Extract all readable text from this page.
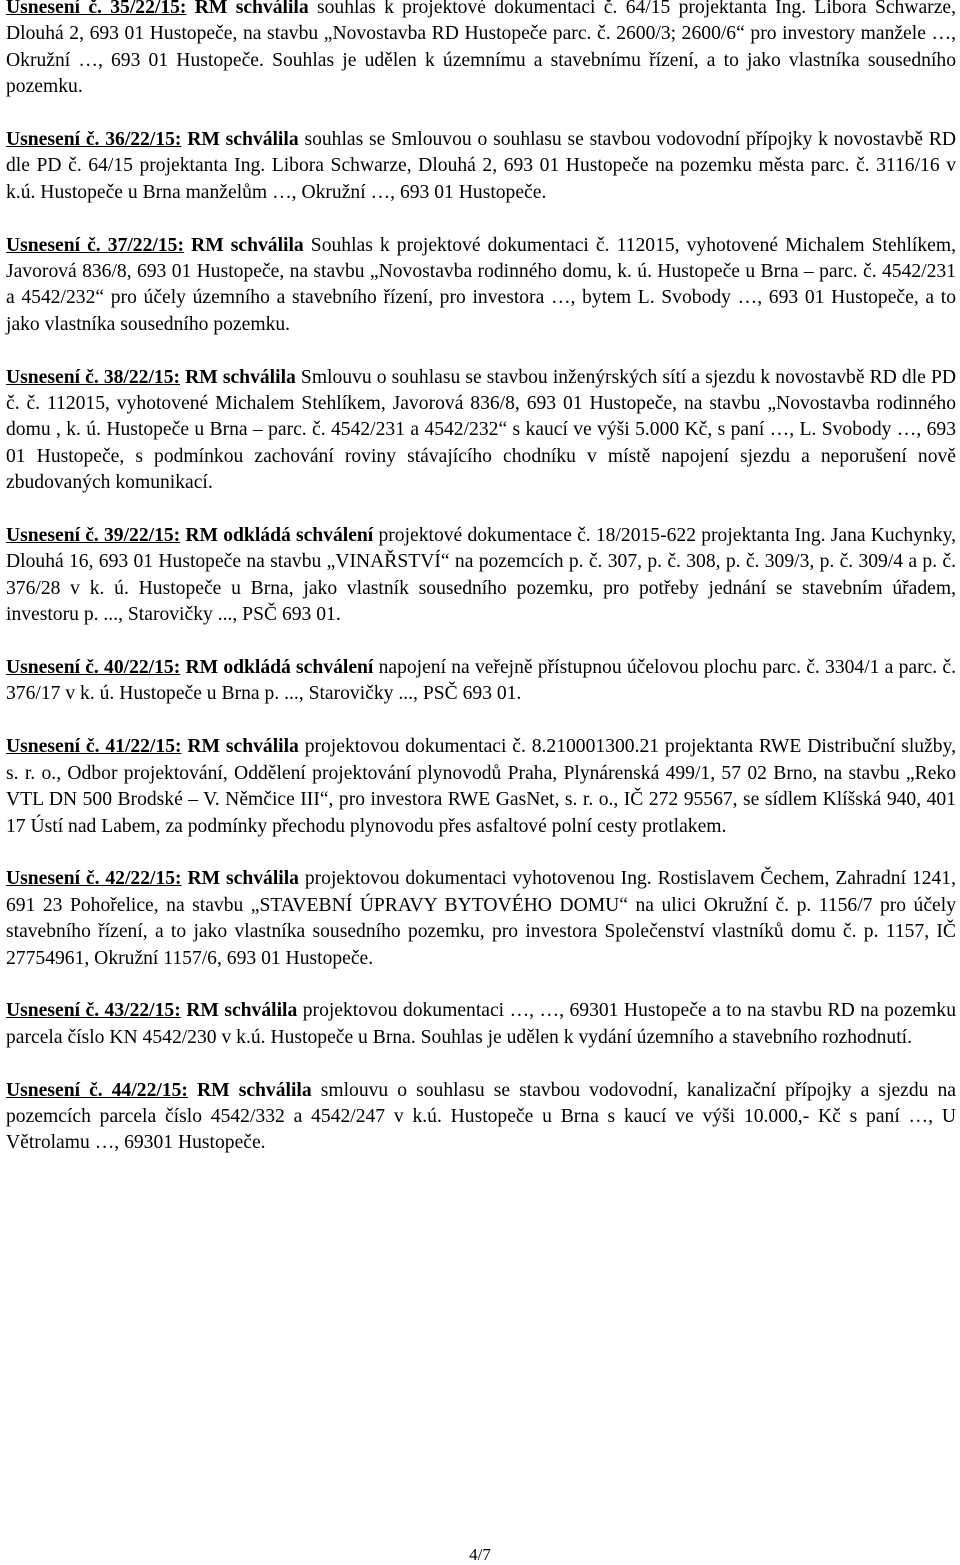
Usnesení č. 35/22/15: RM schválila souhlas k projektové dokumentaci č. 64/15 projektanta Ing. Libora Schwarze, Dlouhá 2, 693 01 Hustopeče, na stavbu „Novostavba RD Hustopeče parc. č. 2600/3; 2600/6“ pro investory manžele …, Okružní …, 693 01 Hustopeče. Souhlas je udělen k územnímu a stavebnímu řízení, a to jako vlastníka sousedního pozemku.

Usnesení č. 36/22/15: RM schválila souhlas se Smlouvou o souhlasu se stavbou vodovodní přípojky k novostavbě RD dle PD č. 64/15 projektanta Ing. Libora Schwarze, Dlouhá 2, 693 01 Hustopeče na pozemku města parc. č. 3116/16 v k.ú. Hustopeče u Brna manželům …, Okružní …, 693 01 Hustopeče.

Usnesení č. 37/22/15: RM schválila Souhlas k projektové dokumentaci č. 112015, vyhotovené Michalem Stehlíkem, Javorová 836/8, 693 01 Hustopeče, na stavbu „Novostavba rodinného domu, k. ú. Hustopeče u Brna – parc. č. 4542/231 a 4542/232“ pro účely územního a stavebního řízení, pro investora …, bytem L. Svobody …, 693 01 Hustopeče, a to jako vlastníka sousedního pozemku.

Usnesení č. 38/22/15: RM schválila Smlouvu o souhlasu se stavbou inženýrských sítí a sjezdu k novostavbě RD dle PD č. č. 112015, vyhotovené Michalem Stehlíkem, Javorová 836/8, 693 01 Hustopeče, na stavbu „Novostavba rodinného domu , k. ú. Hustopeče u Brna – parc. č. 4542/231 a 4542/232“ s kaucí ve výši 5.000 Kč, s paní …, L. Svobody …, 693 01 Hustopeče, s podmínkou zachování roviny stávajícího chodníku v místě napojení sjezdu a neporušení nově zbudovaných komunikací.

Usnesení č. 39/22/15: RM odkládá schválení projektové dokumentace č. 18/2015-622 projektanta Ing. Jana Kuchynky, Dlouhá 16, 693 01 Hustopeče na stavbu „VINAŘSTVÍ“ na pozemcích p. č. 307, p. č. 308, p. č. 309/3, p. č. 309/4 a p. č. 376/28 v k. ú. Hustopeče u Brna, jako vlastník sousedního pozemku, pro potřeby jednání se stavebním úřadem, investoru p. ..., Starovičky ..., PSČ 693 01.

Usnesení č. 40/22/15: RM odkládá schválení napojení na veřejně přístupnou účelovou plochu parc. č. 3304/1 a parc. č. 376/17 v k. ú. Hustopeče u Brna p. ..., Starovičky ..., PSČ 693 01.

Usnesení č. 41/22/15: RM schválila projektovou dokumentaci č. 8.210001300.21 projektanta RWE Distribuční služby, s. r. o., Odbor projektování, Oddělení projektování plynovodů Praha, Plynárenská 499/1, 57 02 Brno, na stavbu „Reko VTL DN 500 Brodské – V. Němčice III“, pro investora RWE GasNet, s. r. o., IČ 272 95567, se sídlem Klíšská 940, 401 17 Ústí nad Labem, za podmínky přechodu plynovodu přes asfaltové polní cesty protlakem.

Usnesení č. 42/22/15: RM schválila projektovou dokumentaci vyhotovenou Ing. Rostislavem Čechem, Zahradní 1241, 691 23 Pohořelice, na stavbu „STAVEBNÍ ÚPRAVY BYTOVÉHO DOMU“ na ulici Okružní č. p. 1156/7 pro účely stavebního řízení, a to jako vlastníka sousedního pozemku, pro investora Společenství vlastníků domu č. p. 1157, IČ 27754961, Okružní 1157/6, 693 01 Hustopeče.

Usnesení č. 43/22/15: RM schválila projektovou dokumentaci …, …, 69301 Hustopeče a to na stavbu RD na pozemku parcela číslo KN 4542/230 v k.ú. Hustopeče u Brna. Souhlas je udělen k vydání územního a stavebního rozhodnutí.

Usnesení č. 44/22/15: RM schválila smlouvu o souhlasu se stavbou vodovodní, kanalizační přípojky a sjezdu na pozemcích parcela číslo 4542/332 a 4542/247 v k.ú. Hustopeče u Brna s kaucí ve výši 10.000,- Kč s paní …, U Větrolamu …, 69301 Hustopeče.

4/7
